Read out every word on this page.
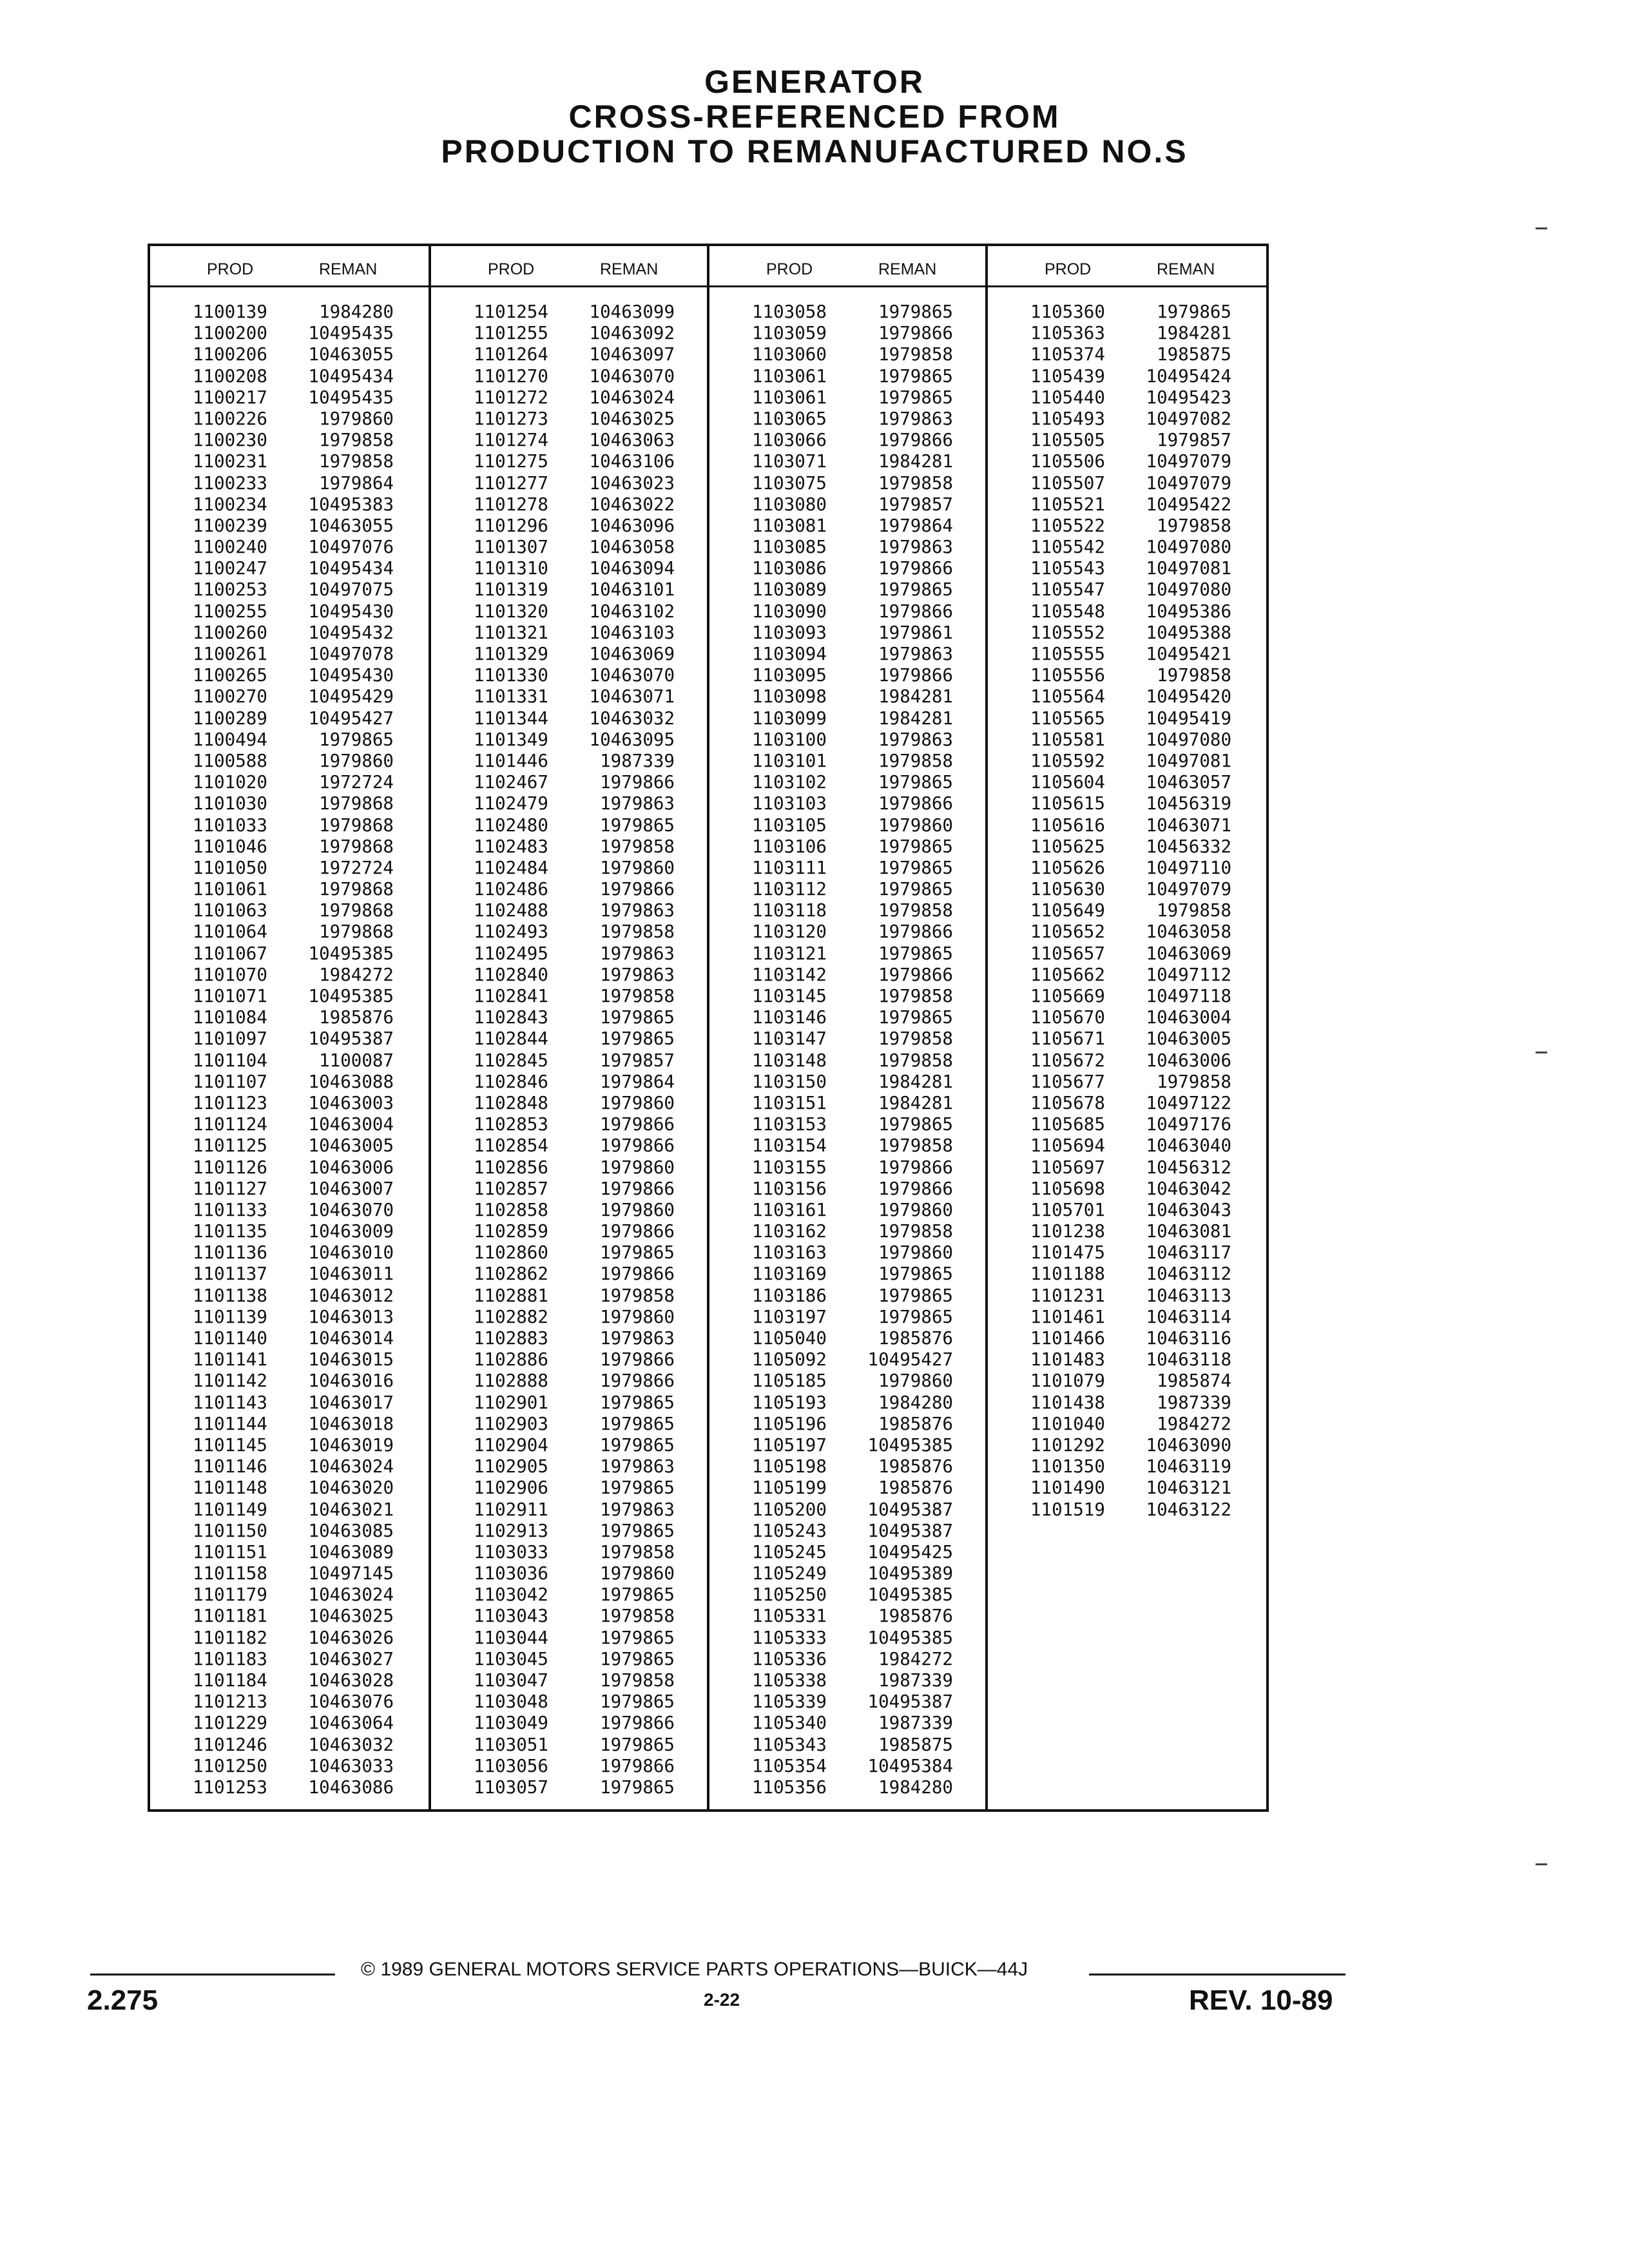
GENERATOR
CROSS-REFERENCED FROM
PRODUCTION TO REMANUFACTURED NO.S
PROD	REMAN
1100139	1984280
1100200	10495435
1100206	10463055
1100208	10495434
1100217	10495435
1100226	1979860
1100230	1979858
1100231	1979858
1100233	1979864
1100234	10495383
1100239	10463055
1100240	10497076
1100247	10495434
1100253	10497075
1100255	10495430
1100260	10495432
1100261	10497078
1100265	10495430
1100270	10495429
1100289	10495427
1100494	1979865
1100588	1979860
1101020	1972724
1101030	1979868
1101033	1979868
1101046	1979868
1101050	1972724
1101061	1979868
1101063	1979868
1101064	1979868
1101067	10495385
1101070	1984272
1101071	10495385
1101084	1985876
1101097	10495387
1101104	1100087
1101107	10463088
1101123	10463003
1101124	10463004
1101125	10463005
1101126	10463006
1101127	10463007
1101133	10463070
1101135	10463009
1101136	10463010
1101137	10463011
1101138	10463012
1101139	10463013
1101140	10463014
1101141	10463015
1101142	10463016
1101143	10463017
1101144	10463018
1101145	10463019
1101146	10463024
1101148	10463020
1101149	10463021
1101150	10463085
1101151	10463089
1101158	10497145
1101179	10463024
1101181	10463025
1101182	10463026
1101183	10463027
1101184	10463028
1101213	10463076
1101229	10463064
1101246	10463032
1101250	10463033
1101253	10463086
PROD	REMAN
1101254	10463099
1101255	10463092
1101264	10463097
1101270	10463070
1101272	10463024
1101273	10463025
1101274	10463063
1101275	10463106
1101277	10463023
1101278	10463022
1101296	10463096
1101307	10463058
1101310	10463094
1101319	10463101
1101320	10463102
1101321	10463103
1101329	10463069
1101330	10463070
1101331	10463071
1101344	10463032
1101349	10463095
1101446	1987339
1102467	1979866
1102479	1979863
1102480	1979865
1102483	1979858
1102484	1979860
1102486	1979866
1102488	1979863
1102493	1979858
1102495	1979863
1102840	1979863
1102841	1979858
1102843	1979865
1102844	1979865
1102845	1979857
1102846	1979864
1102848	1979860
1102853	1979866
1102854	1979866
1102856	1979860
1102857	1979866
1102858	1979860
1102859	1979866
1102860	1979865
1102862	1979866
1102881	1979858
1102882	1979860
1102883	1979863
1102886	1979866
1102888	1979866
1102901	1979865
1102903	1979865
1102904	1979865
1102905	1979863
1102906	1979865
1102911	1979863
1102913	1979865
1103033	1979858
1103036	1979860
1103042	1979865
1103043	1979858
1103044	1979865
1103045	1979865
1103047	1979858
1103048	1979865
1103049	1979866
1103051	1979865
1103056	1979866
1103057	1979865
PROD	REMAN
1103058	1979865
1103059	1979866
1103060	1979858
1103061	1979865
1103061	1979865
1103065	1979863
1103066	1979866
1103071	1984281
1103075	1979858
1103080	1979857
1103081	1979864
1103085	1979863
1103086	1979866
1103089	1979865
1103090	1979866
1103093	1979861
1103094	1979863
1103095	1979866
1103098	1984281
1103099	1984281
1103100	1979863
1103101	1979858
1103102	1979865
1103103	1979866
1103105	1979860
1103106	1979865
1103111	1979865
1103112	1979865
1103118	1979858
1103120	1979866
1103121	1979865
1103142	1979866
1103145	1979858
1103146	1979865
1103147	1979858
1103148	1979858
1103150	1984281
1103151	1984281
1103153	1979865
1103154	1979858
1103155	1979866
1103156	1979866
1103161	1979860
1103162	1979858
1103163	1979860
1103169	1979865
1103186	1979865
1103197	1979865
1105040	1985876
1105092	10495427
1105185	1979860
1105193	1984280
1105196	1985876
1105197	10495385
1105198	1985876
1105199	1985876
1105200	10495387
1105243	10495387
1105245	10495425
1105249	10495389
1105250	10495385
1105331	1985876
1105333	10495385
1105336	1984272
1105338	1987339
1105339	10495387
1105340	1987339
1105343	1985875
1105354	10495384
1105356	1984280
PROD	REMAN
1105360	1979865
1105363	1984281
1105374	1985875
1105439	10495424
1105440	10495423
1105493	10497082
1105505	1979857
1105506	10497079
1105507	10497079
1105521	10495422
1105522	1979858
1105542	10497080
1105543	10497081
1105547	10497080
1105548	10495386
1105552	10495388
1105555	10495421
1105556	1979858
1105564	10495420
1105565	10495419
1105581	10497080
1105592	10497081
1105604	10463057
1105615	10456319
1105616	10463071
1105625	10456332
1105626	10497110
1105630	10497079
1105649	1979858
1105652	10463058
1105657	10463069
1105662	10497112
1105669	10497118
1105670	10463004
1105671	10463005
1105672	10463006
1105677	1979858
1105678	10497122
1105685	10497176
1105694	10463040
1105697	10456312
1105698	10463042
1105701	10463043
1101238	10463081
1101475	10463117
1101188	10463112
1101231	10463113
1101461	10463114
1101466	10463116
1101483	10463118
1101079	1985874
1101438	1987339
1101040	1984272
1101292	10463090
1101350	10463119
1101490	10463121
1101519	10463122
© 1989 GENERAL MOTORS SERVICE PARTS OPERATIONS—BUICK—44J
2-22
2.275	REV. 10-89
